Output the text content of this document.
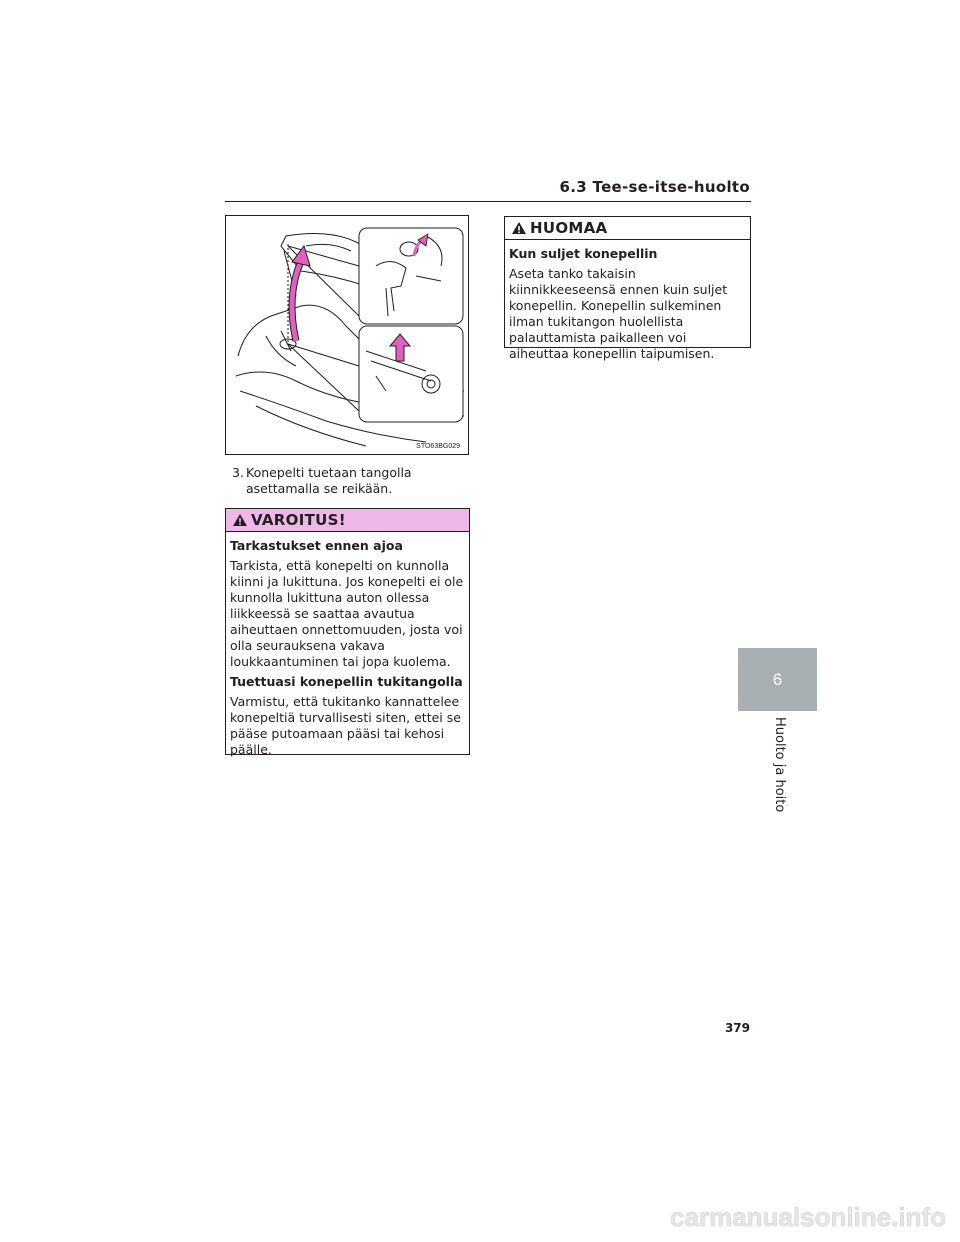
6.3 Tee-se-itse-huolto
STO63BG029
3. Konepelti tuetaan tangolla
asettamalla se reikään.
VAROITUS!
Tarkastukset ennen ajoa
Tarkista, että konepelti on kunnolla kiinni ja lukittuna. Jos konepelti ei ole kunnolla lukittuna auton ollessa liikkeessä se saattaa avautua aiheuttaen onnettomuuden, josta voi olla seurauksena vakava loukkaantuminen tai jopa kuolema.
Tuettuasi konepellin tukitangolla
Varmistu, että tukitanko kannattelee konepeltiä turvallisesti siten, ettei se pääse putoamaan pääsi tai kehosi päälle.
HUOMAA
Kun suljet konepellin
Aseta tanko takaisin kiinnikkeeseensä ennen kuin suljet konepellin. Konepellin sulkeminen ilman tukitangon huolellista palauttamista paikalleen voi aiheuttaa konepellin taipumisen.
6
Huolto ja hoito
379
carmanualsonline.info
